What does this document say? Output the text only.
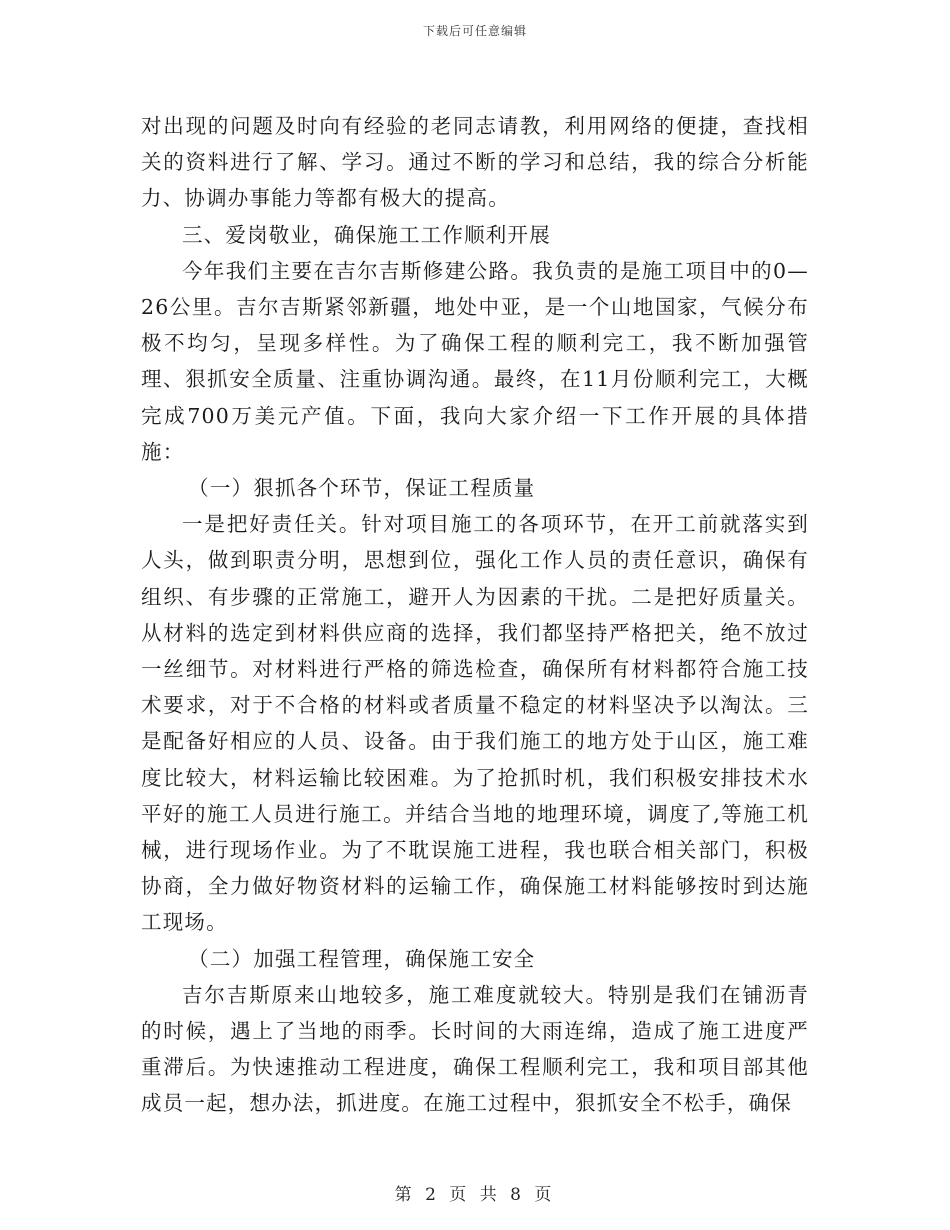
下载后可任意编辑

对出现的问题及时向有经验的老同志请教，利用网络的便捷，查找相关的资料进行了解、学习。通过不断的学习和总结，我的综合分析能力、协调办事能力等都有极大的提高。

三、爱岗敬业，确保施工工作顺利开展

今年我们主要在吉尔吉斯修建公路。我负责的是施工项目中的0—26公里。吉尔吉斯紧邻新疆，地处中亚，是一个山地国家，气候分布极不均匀，呈现多样性。为了确保工程的顺利完工，我不断加强管理、狠抓安全质量、注重协调沟通。最终，在11月份顺利完工，大概完成700万美元产值。下面，我向大家介绍一下工作开展的具体措施：

（一）狠抓各个环节，保证工程质量

一是把好责任关。针对项目施工的各项环节，在开工前就落实到人头，做到职责分明，思想到位，强化工作人员的责任意识，确保有组织、有步骤的正常施工，避开人为因素的干扰。二是把好质量关。从材料的选定到材料供应商的选择，我们都坚持严格把关，绝不放过一丝细节。对材料进行严格的筛选检查，确保所有材料都符合施工技术要求，对于不合格的材料或者质量不稳定的材料坚决予以淘汰。三是配备好相应的人员、设备。由于我们施工的地方处于山区，施工难度比较大，材料运输比较困难。为了抢抓时机，我们积极安排技术水平好的施工人员进行施工。并结合当地的地理环境，调度了,等施工机械，进行现场作业。为了不耽误施工进程，我也联合相关部门，积极协商，全力做好物资材料的运输工作，确保施工材料能够按时到达施工现场。

（二）加强工程管理，确保施工安全

吉尔吉斯原来山地较多，施工难度就较大。特别是我们在铺沥青的时候，遇上了当地的雨季。长时间的大雨连绵，造成了施工进度严重滞后。为快速推动工程进度，确保工程顺利完工，我和项目部其他成员一起，想办法，抓进度。在施工过程中，狠抓安全不松手，确保

第 2 页 共 8 页
